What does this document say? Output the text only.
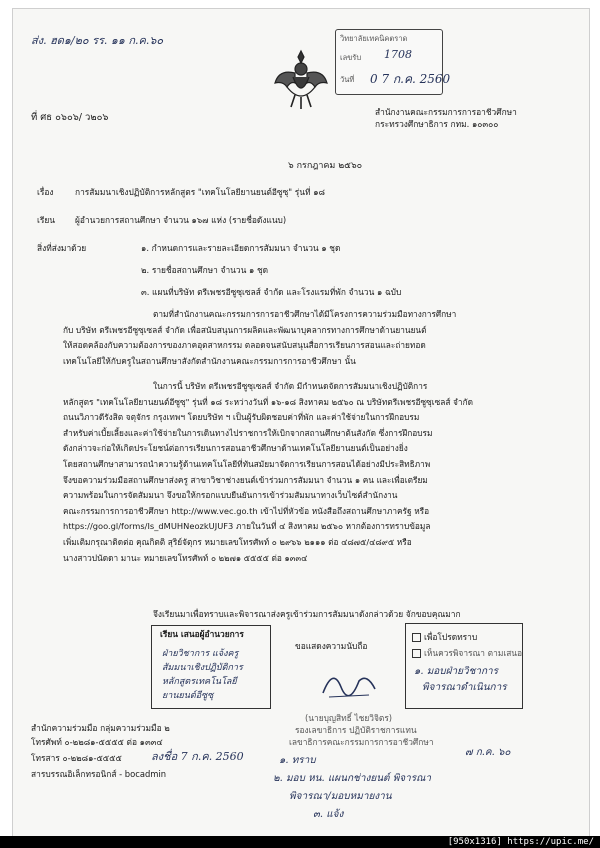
ส่ง. ฮด๑/๒๐ รร. ๑๑ ก.ค.๖๐	วิทยาลัยเทคนิคตราด
เลขรับ 1708
วันที่ 0 7 ก.ค. 2560
ที่ ศธ ๐๖๐๖/ ว๒๐๖	สำนักงานคณะกรรมการการอาชีวศึกษา
กระทรวงศึกษาธิการ กทม. ๑๐๓๐๐
๖ กรกฎาคม ๒๕๖๐
เรื่อง	การสัมมนาเชิงปฏิบัติการหลักสูตร "เทคโนโลยียานยนต์อีซูซุ" รุ่นที่ ๑๘
เรียน ผู้อำนวยการสถานศึกษา จำนวน ๑๖๗ แห่ง (รายชื่อดังแนบ)
สิ่งที่ส่งมาด้วย	๑. กำหนดการและรายละเอียดการสัมมนา จำนวน ๑ ชุด
๒. รายชื่อสถานศึกษา จำนวน ๑ ชุด
๓. แผนที่บริษัท ตรีเพชรอีซูซุเซลส์ จำกัด และโรงแรมที่พัก จำนวน ๑ ฉบับ
ตามที่สำนักงานคณะกรรมการการอาชีวศึกษาได้มีโครงการความร่วมมือทางการศึกษา
กับ บริษัท ตรีเพชรอีซูซุเซลส์ จำกัด เพื่อสนับสนุนการผลิตและพัฒนาบุคลากรทางการศึกษาด้านยานยนต์
ให้สอดคล้องกับความต้องการของภาคอุตสาหกรรม ตลอดจนสนับสนุนสื่อการเรียนการสอนและถ่ายทอด
เทคโนโลยีให้กับครูในสถานศึกษาสังกัดสำนักงานคณะกรรมการการอาชีวศึกษา นั้น
ในการนี้ บริษัท ตรีเพชรอีซูซุเซลส์ จำกัด มีกำหนดจัดการสัมมนาเชิงปฏิบัติการ
หลักสูตร "เทคโนโลยียานยนต์อีซูซุ" รุ่นที่ ๑๘ ระหว่างวันที่ ๑๖-๑๘ สิงหาคม ๒๕๖๐ ณ บริษัทตรีเพชรอีซูซุเซลส์ จำกัด
ถนนวิภาวดีรังสิต จตุจักร กรุงเทพฯ โดยบริษัท ฯ เป็นผู้รับผิดชอบค่าที่พัก และค่าใช้จ่ายในการฝึกอบรม
สำหรับค่าเบี้ยเลี้ยงและค่าใช้จ่ายในการเดินทางไปราชการให้เบิกจากสถานศึกษาต้นสังกัด ซึ่งการฝึกอบรม
ดังกล่าวจะก่อให้เกิดประโยชน์ต่อการเรียนการสอนอาชีวศึกษาด้านเทคโนโลยียานยนต์เป็นอย่างยิ่ง
โดยสถานศึกษาสามารถนำความรู้ด้านเทคโนโลยีที่ทันสมัยมาจัดการเรียนการสอนได้อย่างมีประสิทธิภาพ
จึงขอความร่วมมือสถานศึกษาส่งครู สาขาวิชาช่างยนต์เข้าร่วมการสัมมนา จำนวน ๑ คน และเพื่อเตรียม
ความพร้อมในการจัดสัมมนา จึงขอให้กรอกแบบยืนยันการเข้าร่วมสัมมนาทางเว็บไซต์สำนักงาน
คณะกรรมการการอาชีวศึกษา http://www.vec.go.th เข้าไปที่หัวข้อ หนังสือถึงสถานศึกษาภาครัฐ หรือ
https://goo.gl/forms/Is_dMUHNeozkUJUF3 ภายในวันที่ ๔ สิงหาคม ๒๕๖๐ หากต้องการทราบข้อมูล
เพิ่มเติมกรุณาติดต่อ คุณกิตติ สุริย์จัตุกร หมายเลขโทรศัพท์ ๐ ๒๙๖๖ ๒๑๑๑ ต่อ ๔๘๗๕/๔๘๙๕ หรือ
นางสาวปนัดดา มานะ หมายเลขโทรศัพท์ ๐ ๒๒๗๑ ๕๕๕๕ ต่อ ๑๓๓๔
จึงเรียนมาเพื่อทราบและพิจารณาส่งครูเข้าร่วมการสัมมนาดังกล่าวด้วย จักขอบคุณมาก
เรียน เสนอผู้อำนวยการ
ฝ่ายวิชาการ แจ้งครู
สัมมนาเชิงปฏิบัติการ
หลักสูตรเทคโนโลยี
ยานยนต์อีซูซุ
ขอแสดงความนับถือ
เพื่อโปรดทราบ
เห็นควรพิจารณา ตามเสนอ
๑. มอบฝ่ายวิชาการ
พิจารณาดำเนินการ
(นายบุญสิทธิ์ ไชยวิจิตร)
รองเลขาธิการ ปฏิบัติราชการแทน
เลขาธิการคณะกรรมการการอาชีวศึกษา
๗ ก.ค. ๖๐
สำนักความร่วมมือ กลุ่มความร่วมมือ ๒
โทรศัพท์ ๐-๒๒๘๑-๕๕๕๕ ต่อ ๑๓๓๔
โทรสาร ๐-๒๒๘๑-๕๕๕๕
สารบรรณอิเล็กทรอนิกส์ - bocadmin
ลงชื่อ 7 ก.ค. 2560	๑. ทราบ
๒. มอบ หน. แผนกช่างยนต์ พิจารณา
พิจารณา/มอบหมายงาน
๓. แจ้ง
[950x1316] https://upic.me/
